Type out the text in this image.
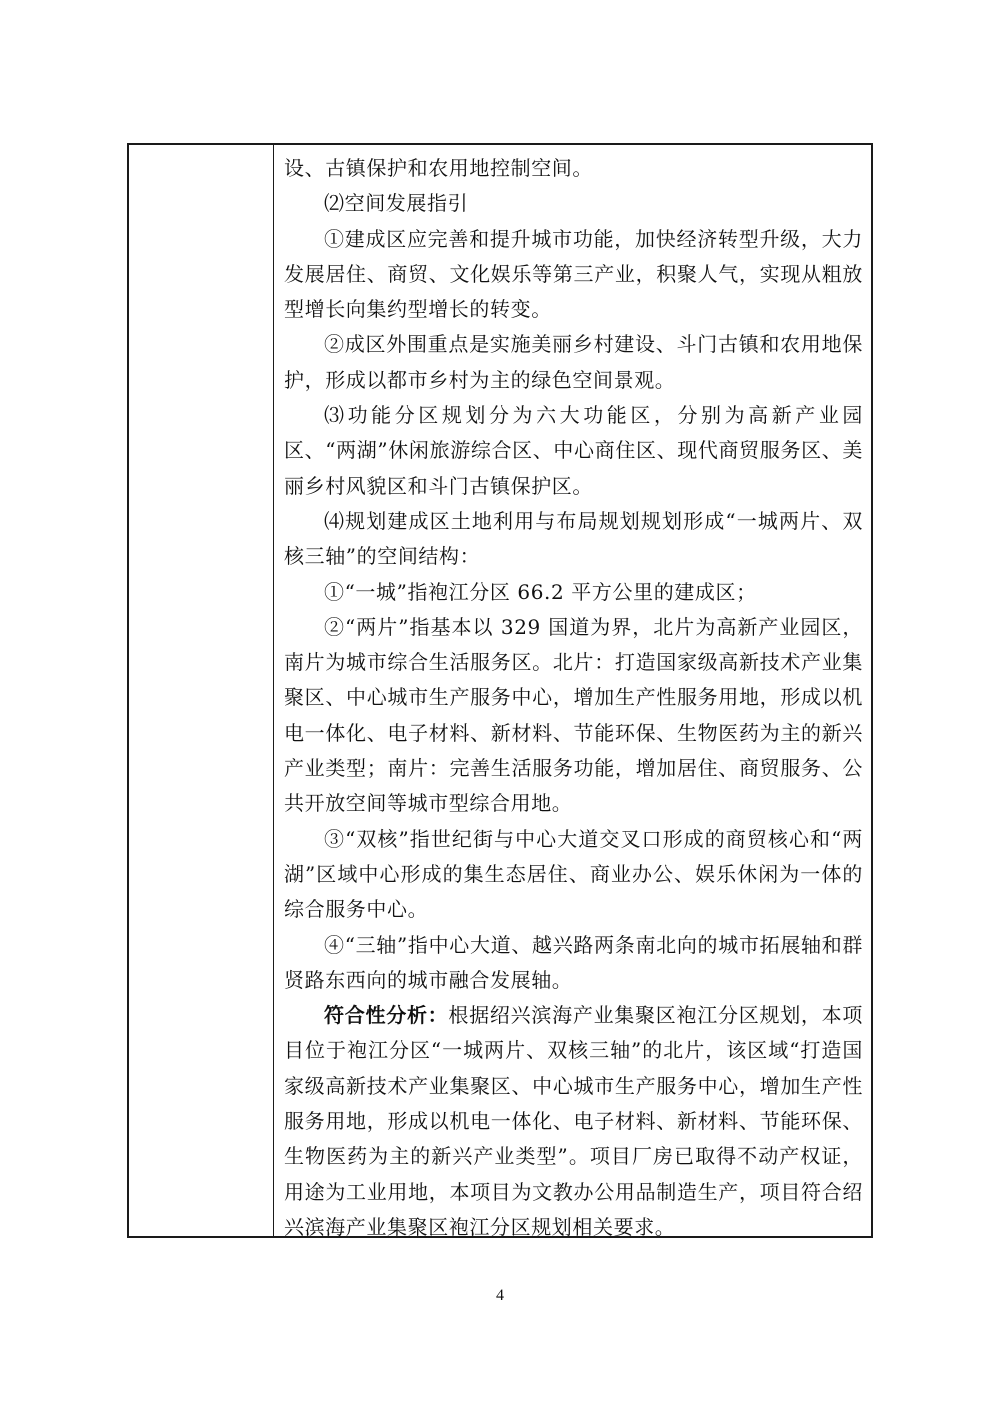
设、古镇保护和农用地控制空间。

⑵空间发展指引

①建成区应完善和提升城市功能，加快经济转型升级，大力发展居住、商贸、文化娱乐等第三产业，积聚人气，实现从粗放型增长向集约型增长的转变。

②成区外围重点是实施美丽乡村建设、斗门古镇和农用地保护，形成以都市乡村为主的绿色空间景观。

⑶功能分区规划分为六大功能区，分别为高新产业园区、“两湖”休闲旅游综合区、中心商住区、现代商贸服务区、美丽乡村风貌区和斗门古镇保护区。

⑷规划建成区土地利用与布局规划规划形成“一城两片、双核三轴”的空间结构：

①“一城”指袍江分区 66.2 平方公里的建成区；

②“两片”指基本以 329 国道为界，北片为高新产业园区，南片为城市综合生活服务区。北片：打造国家级高新技术产业集聚区、中心城市生产服务中心，增加生产性服务用地，形成以机电一体化、电子材料、新材料、节能环保、生物医药为主的新兴产业类型；南片：完善生活服务功能，增加居住、商贸服务、公共开放空间等城市型综合用地。

③“双核”指世纪街与中心大道交叉口形成的商贸核心和“两湖”区域中心形成的集生态居住、商业办公、娱乐休闲为一体的综合服务中心。

④“三轴”指中心大道、越兴路两条南北向的城市拓展轴和群贤路东西向的城市融合发展轴。

符合性分析：根据绍兴滨海产业集聚区袍江分区规划，本项目位于袍江分区“一城两片、双核三轴”的北片，该区域“打造国家级高新技术产业集聚区、中心城市生产服务中心，增加生产性服务用地，形成以机电一体化、电子材料、新材料、节能环保、生物医药为主的新兴产业类型”。项目厂房已取得不动产权证，用途为工业用地，本项目为文教办公用品制造生产，项目符合绍兴滨海产业集聚区袍江分区规划相关要求。

4
